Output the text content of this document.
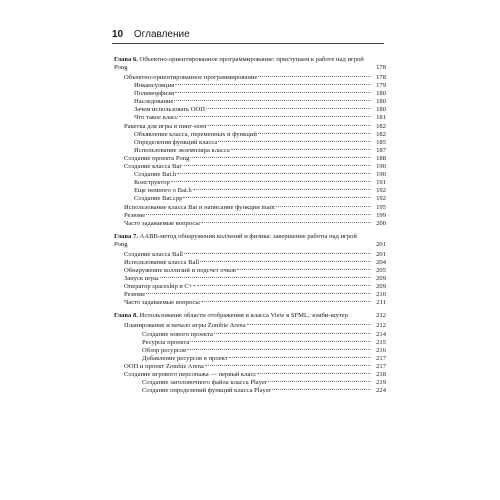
10 Оглавление
Глава 6. Объектно-ориентированное программирование: приступаем к работе над игрой Pong	178
Объектно-ориентированное программирование	178
Инкапсуляция	179
Полиморфизм	180
Наследование	180
Зачем использовать ООП	180
Что такое класс	181
Ракетка для игры в пинг-понг	182
Объявление класса, переменных и функций	182
Определения функций класса	185
Использование экземпляра класса	187
Создание проекта Pong	188
Создание класса Bat	190
Создание Bat.h	190
Конструктор	191
Еще немного о Bat.h	192
Создание Bat.cpp	192
Использование класса Bat и написание функции main	195
Резюме	199
Часто задаваемые вопросы	200
Глава 7. AABB-метод обнаружения коллизий и физика: завершение работы над игрой Pong	201
Создание класса Ball	201
Использование класса Ball	204
Обнаружение коллизий и подсчет очков	205
Запуск игры	209
Оператор spaceship в C++	209
Резюме	210
Часто задаваемые вопросы	211
Глава 8. Использование области отображения и класса View в SFML; зомби-шутер	212
Планирование и начало игры Zombie Arena	212
Создание нового проекта	214
Ресурсы проекта	215
Обзор ресурсов	216
Добавление ресурсов в проект	217
ООП и проект Zombie Arena	217
Создание игрового персонажа — первый класс	218
Создание заголовочного файла класса Player	219
Создание определений функций класса Player	224
